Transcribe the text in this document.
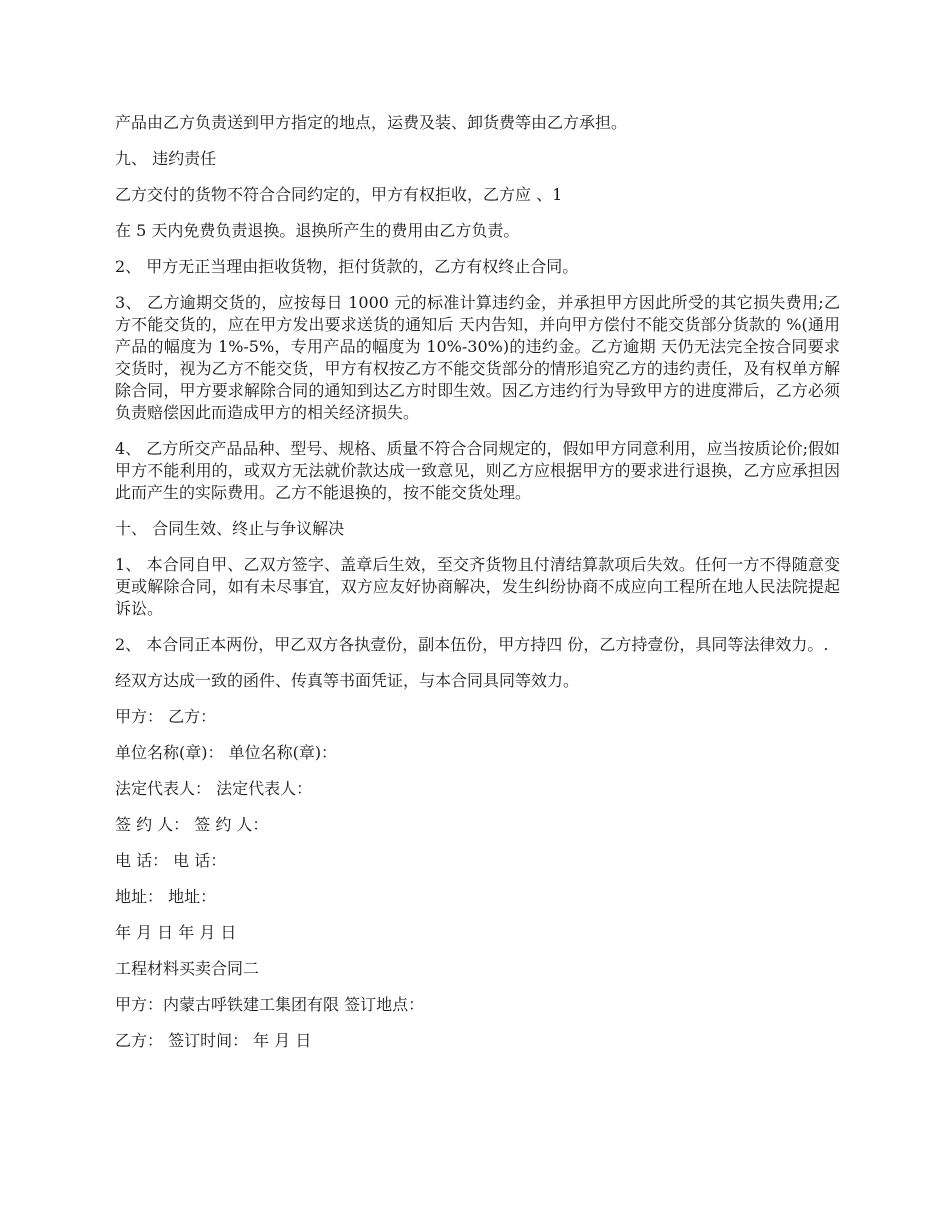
产品由乙方负责送到甲方指定的地点，运费及装、卸货费等由乙方承担。

九、 违约责任

乙方交付的货物不符合合同约定的，甲方有权拒收，乙方应 、1

在 5 天内免费负责退换。退换所产生的费用由乙方负责。

2、 甲方无正当理由拒收货物，拒付货款的，乙方有权终止合同。

3、 乙方逾期交货的，应按每日 1000 元的标准计算违约金，并承担甲方因此所受的其它损失费用;乙方不能交货的，应在甲方发出要求送货的通知后 天内告知，并向甲方偿付不能交货部分货款的 %(通用产品的幅度为 1%-5%，专用产品的幅度为 10%-30%)的违约金。乙方逾期 天仍无法完全按合同要求交货时，视为乙方不能交货，甲方有权按乙方不能交货部分的情形追究乙方的违约责任，及有权单方解除合同，甲方要求解除合同的通知到达乙方时即生效。因乙方违约行为导致甲方的进度滞后，乙方必须负责赔偿因此而造成甲方的相关经济损失。

4、 乙方所交产品品种、型号、规格、质量不符合合同规定的，假如甲方同意利用，应当按质论价;假如甲方不能利用的，或双方无法就价款达成一致意见，则乙方应根据甲方的要求进行退换，乙方应承担因此而产生的实际费用。乙方不能退换的，按不能交货处理。

十、 合同生效、终止与争议解决

1、 本合同自甲、乙双方签字、盖章后生效，至交齐货物且付清结算款项后失效。任何一方不得随意变更或解除合同，如有未尽事宜，双方应友好协商解决，发生纠纷协商不成应向工程所在地人民法院提起诉讼。

2、 本合同正本两份，甲乙双方各执壹份，副本伍份，甲方持四 份，乙方持壹份，具同等法律效力。.

经双方达成一致的函件、传真等书面凭证，与本合同具同等效力。

甲方： 乙方：

单位名称(章)： 单位名称(章)：

法定代表人： 法定代表人：

签 约 人： 签 约 人：

电 话： 电 话：

地址： 地址：

年 月 日 年 月 日

工程材料买卖合同二

甲方：内蒙古呼铁建工集团有限 签订地点：

乙方： 签订时间： 年 月 日
